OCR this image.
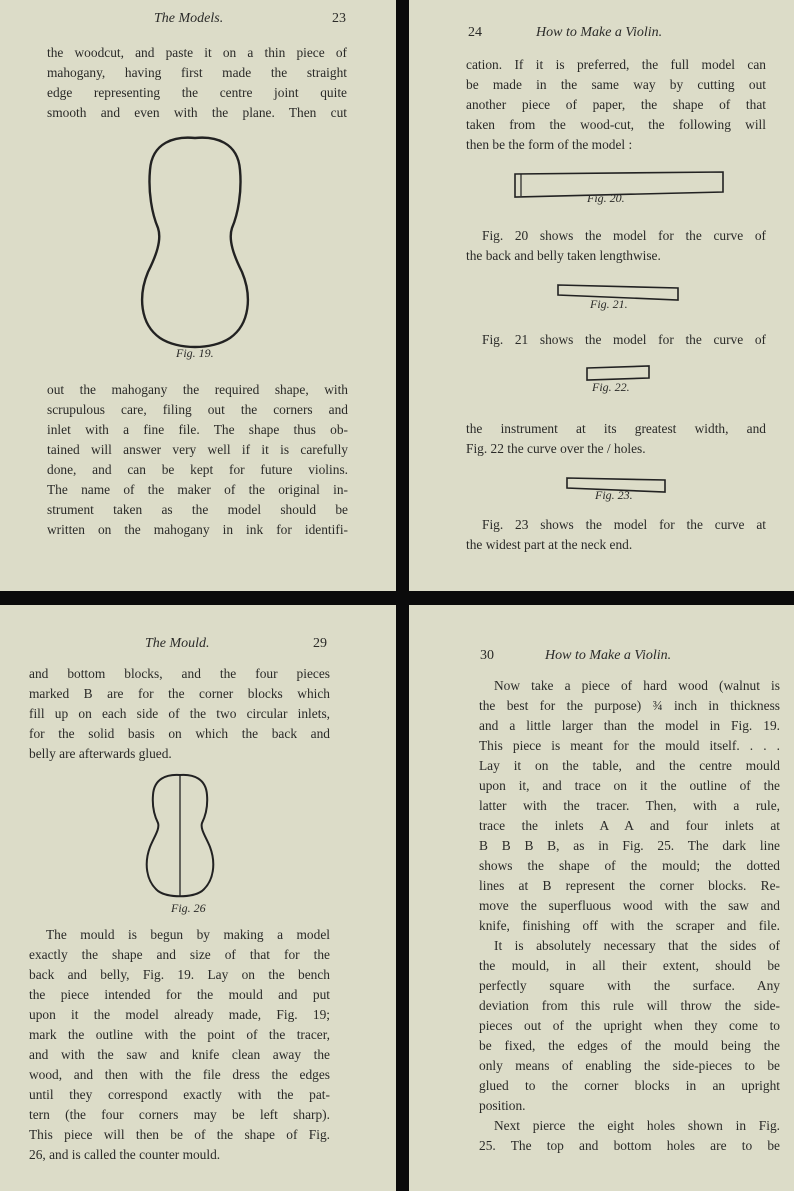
The Models.	23
the woodcut, and paste it on a thin piece of
mahogany, having first made the straight
edge representing the centre joint quite
smooth and even with the plane. Then cut
Fig. 19.
out the mahogany the required shape, with
scrupulous care, filing out the corners and
inlet with a fine file. The shape thus ob-
tained will answer very well if it is carefully
done, and can be kept for future violins.
The name of the maker of the original in-
strument taken as the model should be
written on the mahogany in ink for identifi-
24	How to Make a Violin.
cation. If it is preferred, the full model can
be made in the same way by cutting out
another piece of paper, the shape of that
taken from the wood-cut, the following will
then be the form of the model :
Fig. 20.
Fig. 20 shows the model for the curve of
the back and belly taken lengthwise.
Fig. 21.
Fig. 21 shows the model for the curve of
Fig. 22.
the instrument at its greatest width, and
Fig. 22 the curve over the / holes.
Fig. 23.
Fig. 23 shows the model for the curve at
the widest part at the neck end.
The Mould.	29
and bottom blocks, and the four pieces
marked B are for the corner blocks which
fill up on each side of the two circular inlets,
for the solid basis on which the back and
belly are afterwards glued.
Fig. 26
The mould is begun by making a model
exactly the shape and size of that for the
back and belly, Fig. 19. Lay on the bench
the piece intended for the mould and put
upon it the model already made, Fig. 19;
mark the outline with the point of the tracer,
and with the saw and knife clean away the
wood, and then with the file dress the edges
until they correspond exactly with the pat-
tern (the four corners may be left sharp).
This piece will then be of the shape of Fig.
26, and is called the counter mould.
30	How to Make a Violin.
Now take a piece of hard wood (walnut is
the best for the purpose) ¾ inch in thickness
and a little larger than the model in Fig. 19.
This piece is meant for the mould itself. . . .
Lay it on the table, and the centre mould
upon it, and trace on it the outline of the
latter with the tracer. Then, with a rule,
trace the inlets A A and four inlets at
B B B B, as in Fig. 25. The dark line
shows the shape of the mould; the dotted
lines at B represent the corner blocks. Re-
move the superfluous wood with the saw and
knife, finishing off with the scraper and file.
It is absolutely necessary that the sides of
the mould, in all their extent, should be
perfectly square with the surface. Any
deviation from this rule will throw the side-
pieces out of the upright when they come to
be fixed, the edges of the mould being the
only means of enabling the side-pieces to be
glued to the corner blocks in an upright
position.
Next pierce the eight holes shown in Fig.
25. The top and bottom holes are to be
